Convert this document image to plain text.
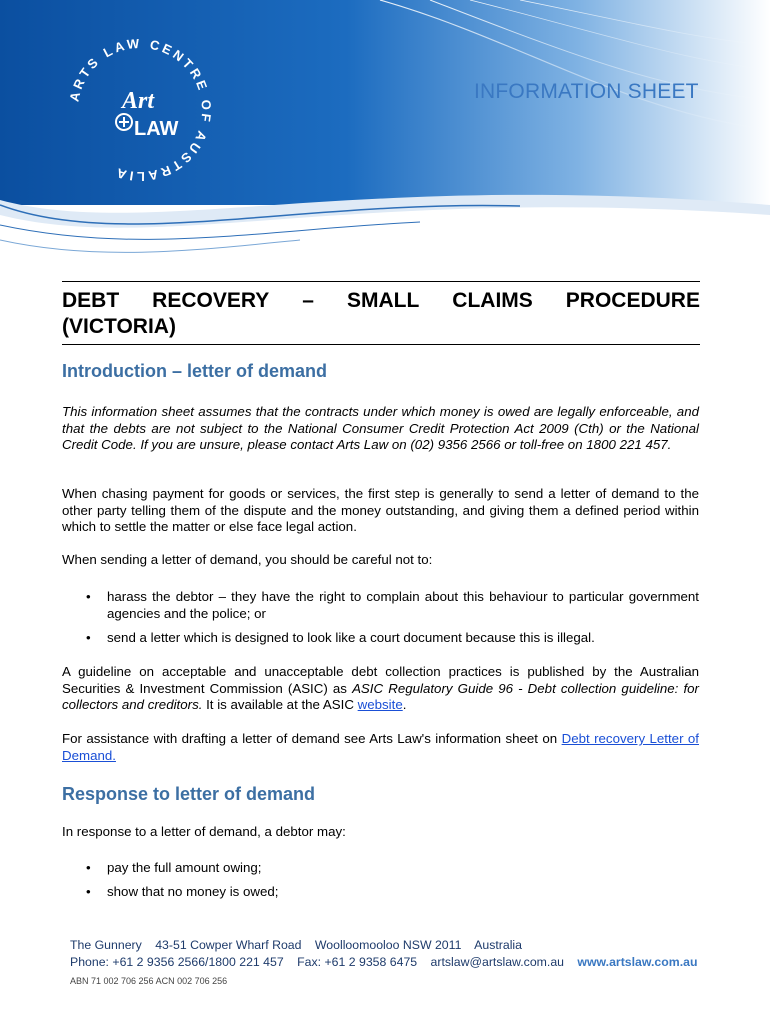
ARTS LAW CENTRE OF AUSTRALIA
Art
LAW
INFORMATION SHEET
DEBT RECOVERY – SMALL CLAIMS PROCEDURE
(VICTORIA)
Introduction – letter of demand

This information sheet assumes that the contracts under which money is owed are legally enforceable, and that the debts are not subject to the National Consumer Credit Protection Act 2009 (Cth) or the National Credit Code. If you are unsure, please contact Arts Law on (02) 9356 2566 or toll-free on 1800 221 457.

When chasing payment for goods or services, the first step is generally to send a letter of demand to the other party telling them of the dispute and the money outstanding, and giving them a defined period within which to settle the matter or else face legal action.

When sending a letter of demand, you should be careful not to:

• harass the debtor – they have the right to complain about this behaviour to particular government agencies and the police; or
• send a letter which is designed to look like a court document because this is illegal.

A guideline on acceptable and unacceptable debt collection practices is published by the Australian Securities & Investment Commission (ASIC) as ASIC Regulatory Guide 96 - Debt collection guideline: for collectors and creditors. It is available at the ASIC website.

For assistance with drafting a letter of demand see Arts Law's information sheet on Debt recovery Letter of Demand.

Response to letter of demand

In response to a letter of demand, a debtor may:

• pay the full amount owing;
• show that no money is owed;
The Gunnery 43-51 Cowper Wharf Road Woolloomooloo NSW 2011 Australia
Phone: +61 2 9356 2566/1800 221 457 Fax: +61 2 9358 6475 artslaw@artslaw.com.au www.artslaw.com.au
ABN 71 002 706 256 ACN 002 706 256
